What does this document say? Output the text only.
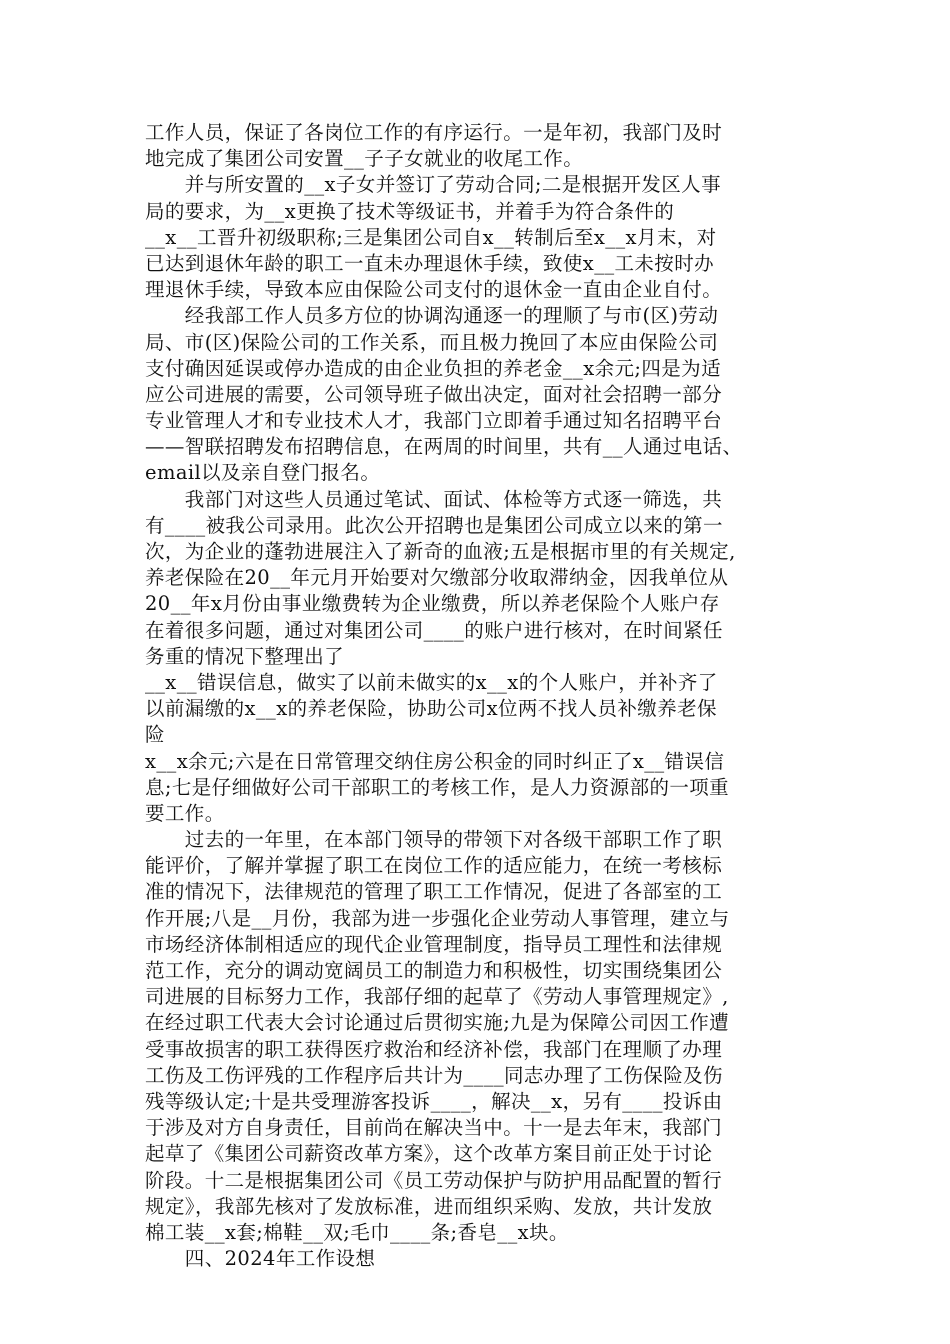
工作人员，保证了各岗位工作的有序运行。一是年初，我部门及时
地完成了集团公司安置__子子女就业的收尾工作。
　　并与所安置的__x子女并签订了劳动合同;二是根据开发区人事
局的要求，为__x更换了技术等级证书，并着手为符合条件的
__x__工晋升初级职称;三是集团公司自x__转制后至x__x月末，对
已达到退休年龄的职工一直未办理退休手续，致使x__工未按时办
理退休手续，导致本应由保险公司支付的退休金一直由企业自付。
　　经我部工作人员多方位的协调沟通逐一的理顺了与市(区)劳动
局、市(区)保险公司的工作关系，而且极力挽回了本应由保险公司
支付确因延误或停办造成的由企业负担的养老金__x余元;四是为适
应公司进展的需要，公司领导班子做出决定，面对社会招聘一部分
专业管理人才和专业技术人才，我部门立即着手通过知名招聘平台
——智联招聘发布招聘信息，在两周的时间里，共有__人通过电话、
email以及亲自登门报名。
　　我部门对这些人员通过笔试、面试、体检等方式逐一筛选，共
有____被我公司录用。此次公开招聘也是集团公司成立以来的第一
次，为企业的蓬勃进展注入了新奇的血液;五是根据市里的有关规定,
养老保险在20__年元月开始要对欠缴部分收取滞纳金，因我单位从
20__年x月份由事业缴费转为企业缴费，所以养老保险个人账户存
在着很多问题，通过对集团公司____的账户进行核对，在时间紧任
务重的情况下整理出了
__x__错误信息，做实了以前未做实的x__x的个人账户，并补齐了
以前漏缴的x__x的养老保险，协助公司x位两不找人员补缴养老保
险
x__x余元;六是在日常管理交纳住房公积金的同时纠正了x__错误信
息;七是仔细做好公司干部职工的考核工作，是人力资源部的一项重
要工作。
　　过去的一年里，在本部门领导的带领下对各级干部职工作了职
能评价，了解并掌握了职工在岗位工作的适应能力，在统一考核标
准的情况下，法律规范的管理了职工工作情况，促进了各部室的工
作开展;八是__月份，我部为进一步强化企业劳动人事管理，建立与
市场经济体制相适应的现代企业管理制度，指导员工理性和法律规
范工作，充分的调动宽阔员工的制造力和积极性，切实围绕集团公
司进展的目标努力工作，我部仔细的起草了《劳动人事管理规定》,
在经过职工代表大会讨论通过后贯彻实施;九是为保障公司因工作遭
受事故损害的职工获得医疗救治和经济补偿，我部门在理顺了办理
工伤及工伤评残的工作程序后共计为____同志办理了工伤保险及伤
残等级认定;十是共受理游客投诉____，解决__x，另有____投诉由
于涉及对方自身责任，目前尚在解决当中。十一是去年末，我部门
起草了《集团公司薪资改革方案》，这个改革方案目前正处于讨论
阶段。十二是根据集团公司《员工劳动保护与防护用品配置的暂行
规定》，我部先核对了发放标准，进而组织采购、发放，共计发放
棉工装__x套;棉鞋__双;毛巾____条;香皂__x块。
　　四、2024年工作设想
